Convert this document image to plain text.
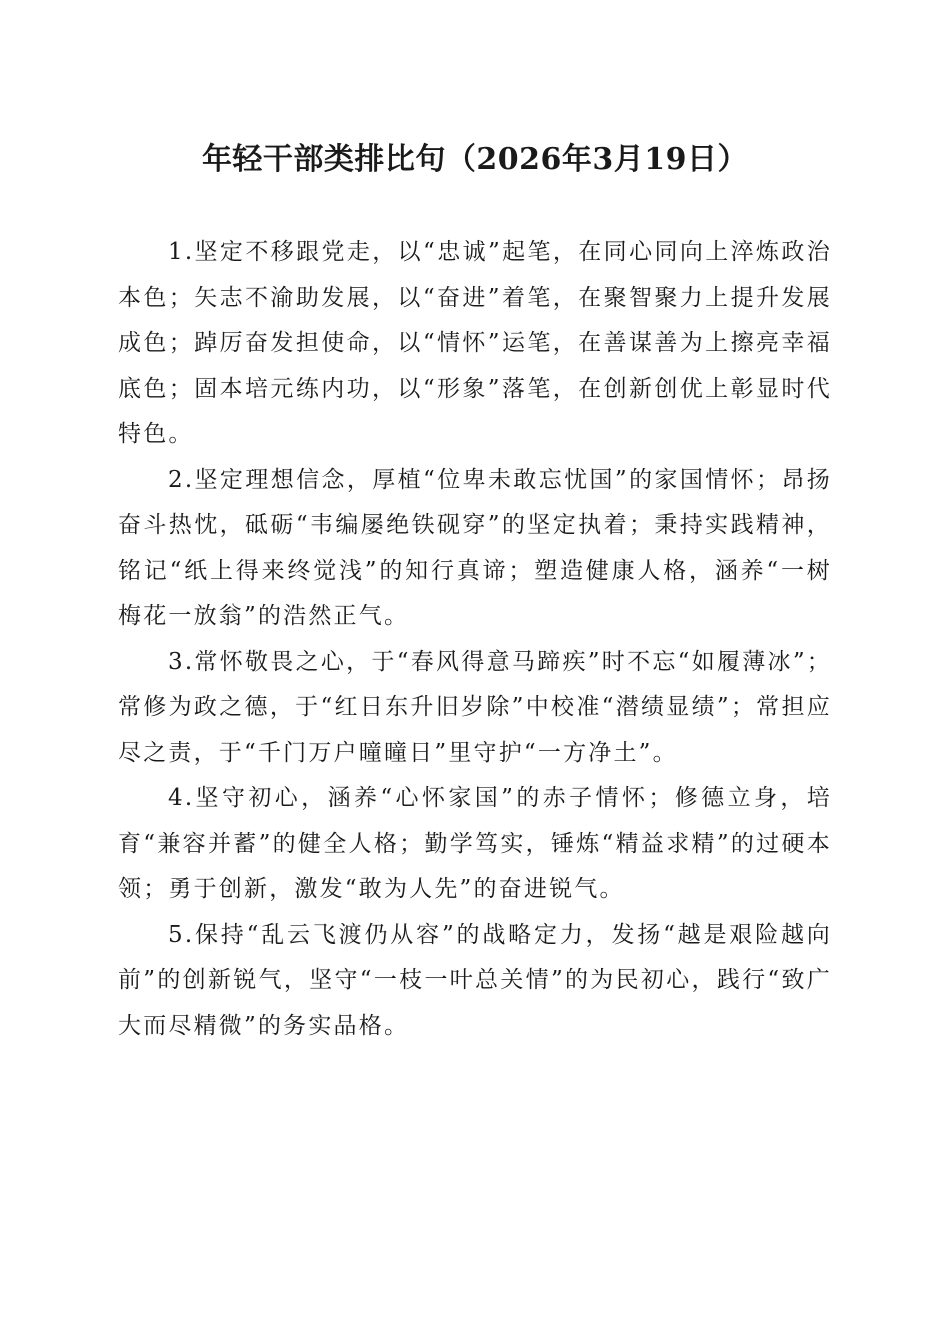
年轻干部类排比句（2026年3月19日）

1.坚定不移跟党走，以“忠诚”起笔，在同心同向上淬炼政治本色；矢志不渝助发展，以“奋进”着笔，在聚智聚力上提升发展成色；踔厉奋发担使命，以“情怀”运笔，在善谋善为上擦亮幸福底色；固本培元练内功，以“形象”落笔，在创新创优上彰显时代特色。

2.坚定理想信念，厚植“位卑未敢忘忧国”的家国情怀；昂扬奋斗热忱，砥砺“韦编屡绝铁砚穿”的坚定执着；秉持实践精神，铭记“纸上得来终觉浅”的知行真谛；塑造健康人格，涵养“一树梅花一放翁”的浩然正气。

3.常怀敬畏之心，于“春风得意马蹄疾”时不忘“如履薄冰”；常修为政之德，于“红日东升旧岁除”中校准“潜绩显绩”；常担应尽之责，于“千门万户曈曈日”里守护“一方净土”。

4.坚守初心，涵养“心怀家国”的赤子情怀；修德立身，培育“兼容并蓄”的健全人格；勤学笃实，锤炼“精益求精”的过硬本领；勇于创新，激发“敢为人先”的奋进锐气。

5.保持“乱云飞渡仍从容”的战略定力，发扬“越是艰险越向前”的创新锐气，坚守“一枝一叶总关情”的为民初心，践行“致广大而尽精微”的务实品格。
